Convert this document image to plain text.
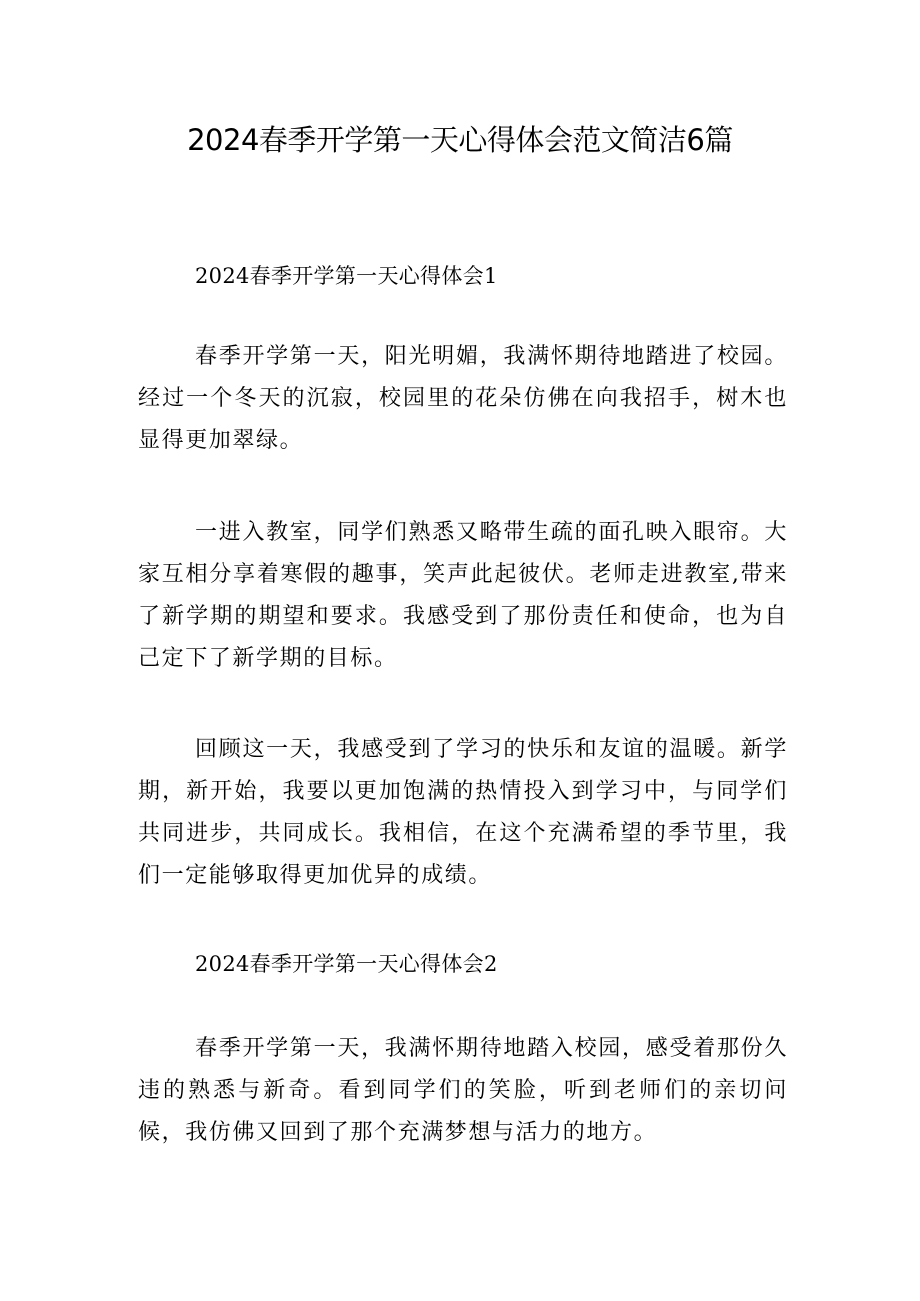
2024春季开学第一天心得体会范文简洁6篇

2024春季开学第一天心得体会1

春季开学第一天，阳光明媚，我满怀期待地踏进了校园。经过一个冬天的沉寂，校园里的花朵仿佛在向我招手，树木也显得更加翠绿。

一进入教室，同学们熟悉又略带生疏的面孔映入眼帘。大家互相分享着寒假的趣事，笑声此起彼伏。老师走进教室,带来了新学期的期望和要求。我感受到了那份责任和使命，也为自己定下了新学期的目标。

回顾这一天，我感受到了学习的快乐和友谊的温暖。新学期，新开始，我要以更加饱满的热情投入到学习中，与同学们共同进步，共同成长。我相信，在这个充满希望的季节里，我们一定能够取得更加优异的成绩。

2024春季开学第一天心得体会2

春季开学第一天，我满怀期待地踏入校园，感受着那份久违的熟悉与新奇。看到同学们的笑脸，听到老师们的亲切问候，我仿佛又回到了那个充满梦想与活力的地方。
